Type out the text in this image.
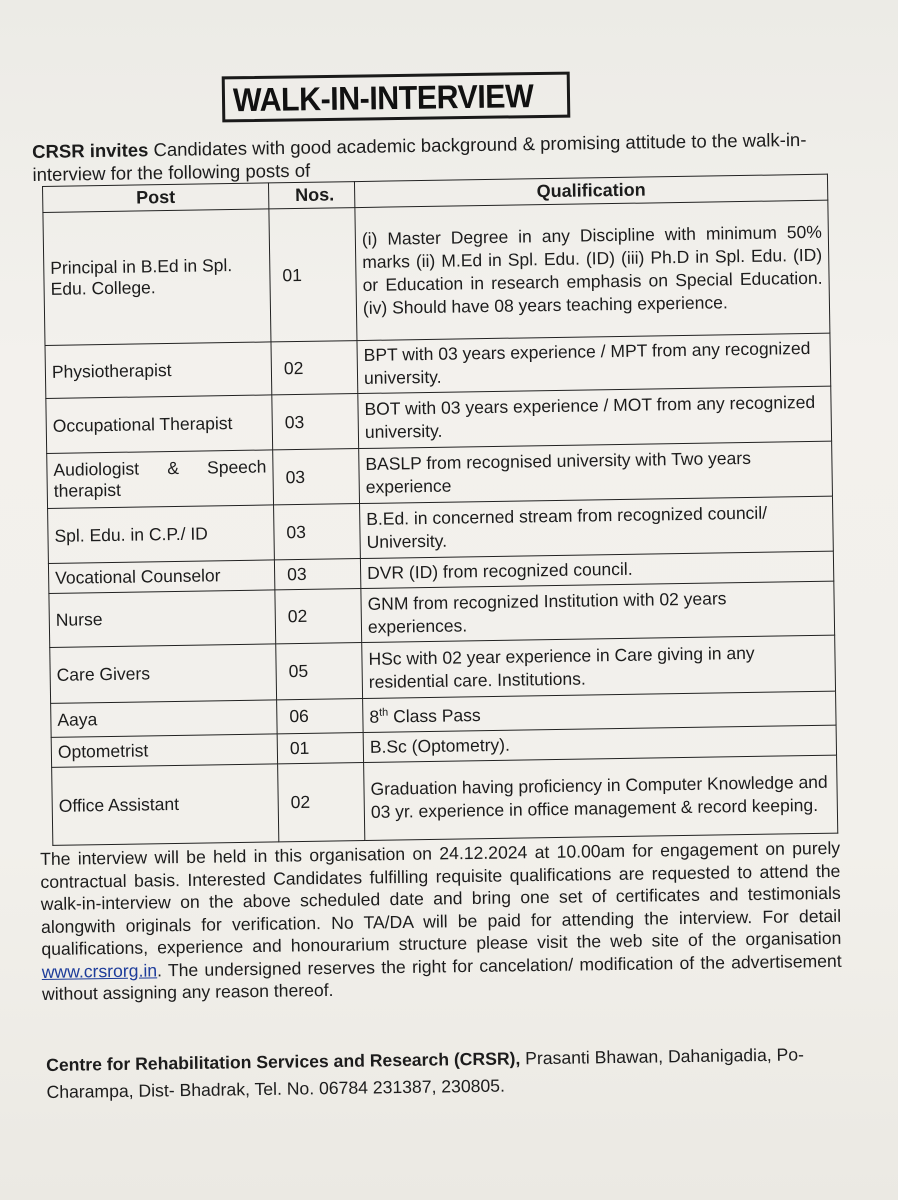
WALK-IN-INTERVIEW
CRSR invites Candidates with good academic background & promising attitude to the walk-in-interview for the following posts of
Post	Nos.	Qualification
Principal in B.Ed in Spl. Edu. College.	01	(i) Master Degree in any Discipline with minimum 50% marks (ii) M.Ed in Spl. Edu. (ID) (iii) Ph.D in Spl. Edu. (ID) or Education in research emphasis on Special Education. (iv) Should have 08 years teaching experience.
Physiotherapist	02	BPT with 03 years experience / MPT from any recognized university.
Occupational Therapist	03	BOT with 03 years experience / MOT from any recognized university.
Audiologist & Speech therapist	03	BASLP from recognised university with Two years experience
Spl. Edu. in C.P./ ID	03	B.Ed. in concerned stream from recognized council/ University.
Vocational Counselor	03	DVR (ID) from recognized council.
Nurse	02	GNM from recognized Institution with 02 years experiences.
Care Givers	05	HSc with 02 year experience in Care giving in any residential care. Institutions.
Aaya	06	8th Class Pass
Optometrist	01	B.Sc (Optometry).
Office Assistant	02	Graduation having proficiency in Computer Knowledge and 03 yr. experience in office management & record keeping.
The interview will be held in this organisation on 24.12.2024 at 10.00am for engagement on purely contractual basis. Interested Candidates fulfilling requisite qualifications are requested to attend the walk-in-interview on the above scheduled date and bring one set of certificates and testimonials alongwith originals for verification. No TA/DA will be paid for attending the interview. For detail qualifications, experience and honourarium structure please visit the web site of the organisation www.crsrorg.in. The undersigned reserves the right for cancelation/ modification of the advertisement without assigning any reason thereof.
Centre for Rehabilitation Services and Research (CRSR), Prasanti Bhawan, Dahanigadia, Po- Charampa, Dist- Bhadrak, Tel. No. 06784 231387, 230805.
